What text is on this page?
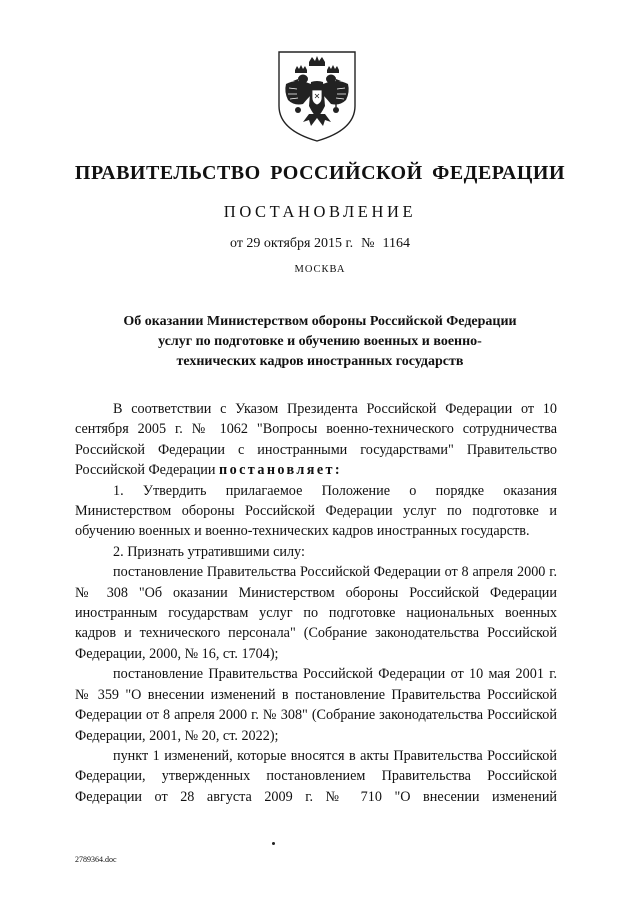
ПРАВИТЕЛЬСТВО РОССИЙСКОЙ ФЕДЕРАЦИИ
ПОСТАНОВЛЕНИЕ
от 29 октября 2015 г. № 1164
МОСКВА
Об оказании Министерством обороны Российской Федерации
услуг по подготовке и обучению военных и военно-
технических кадров иностранных государств

В соответствии с Указом Президента Российской Федерации от 10 сентября 2005 г. № 1062 "Вопросы военно-технического сотрудничества Российской Федерации с иностранными государствами" Правительство Российской Федерации постановляет:

1. Утвердить прилагаемое Положение о порядке оказания Министерством обороны Российской Федерации услуг по подготовке и обучению военных и военно-технических кадров иностранных государств.

2. Признать утратившими силу:

постановление Правительства Российской Федерации от 8 апреля 2000 г. № 308 "Об оказании Министерством обороны Российской Федерации иностранным государствам услуг по подготовке национальных военных кадров и технического персонала" (Собрание законодательства Российской Федерации, 2000, № 16, ст. 1704);

постановление Правительства Российской Федерации от 10 мая 2001 г. № 359 "О внесении изменений в постановление Правительства Российской Федерации от 8 апреля 2000 г. № 308" (Собрание законодательства Российской Федерации, 2001, № 20, ст. 2022);

пункт 1 изменений, которые вносятся в акты Правительства Российской Федерации, утвержденных постановлением Правительства Российской Федерации от 28 августа 2009 г. № 710 "О внесении изменений

2789364.doc
